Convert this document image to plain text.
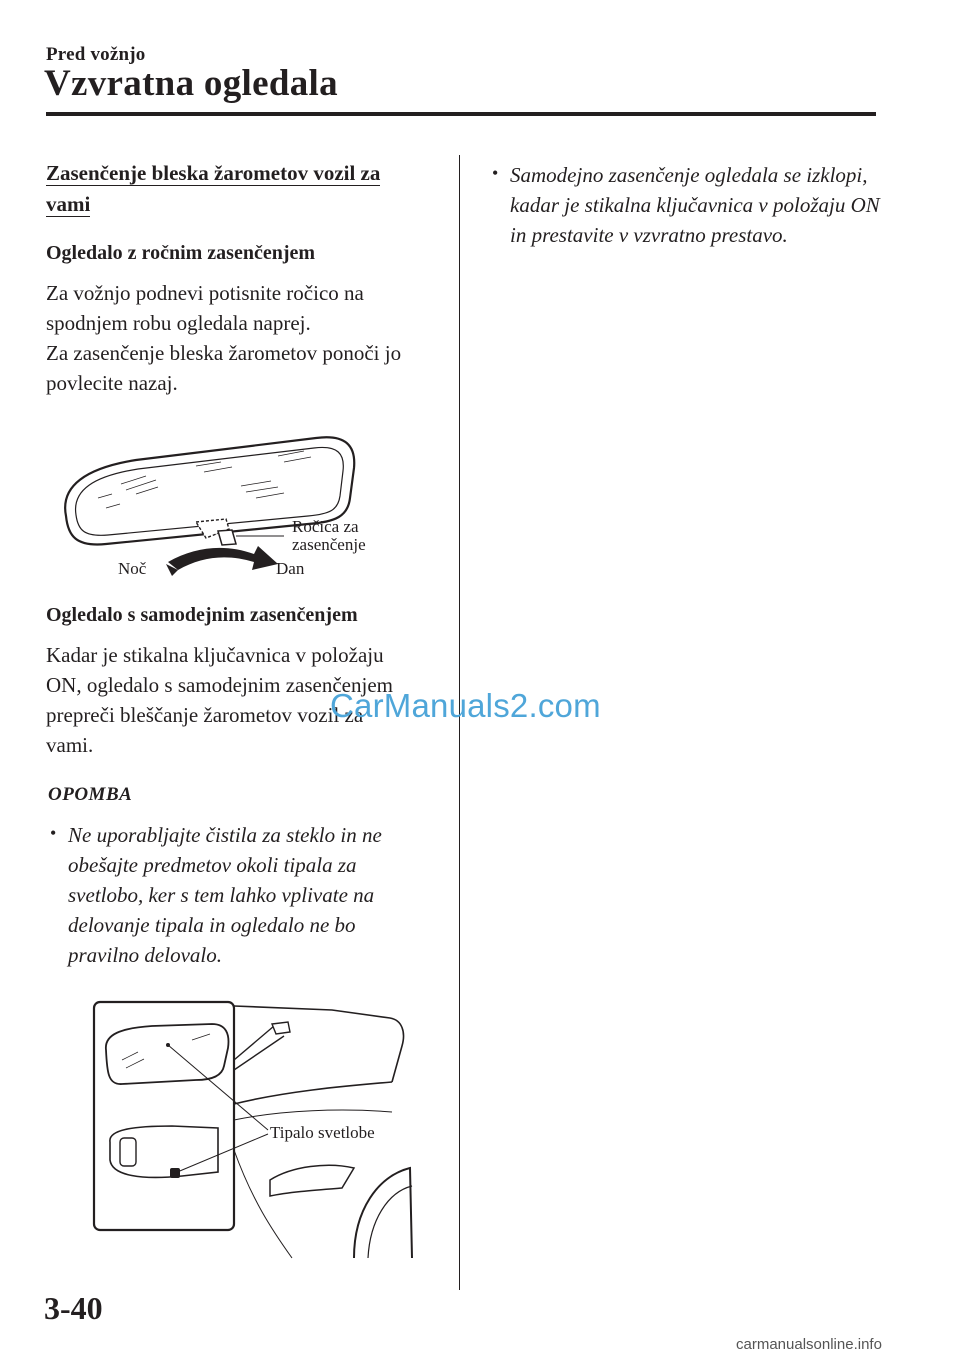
Pred vožnjo
Vzvratna ogledala
Zasenčenje bleska žarometov vozil za vami
Ogledalo z ročnim zasenčenjem
Za vožnjo podnevi potisnite ročico na
spodnjem robu ogledala naprej.
Za zasenčenje bleska žarometov ponoči jo
povlecite nazaj.
Ročica za
zasenčenje
Noč	Dan
Ogledalo s samodejnim zasenčenjem
Kadar je stikalna ključavnica v položaju
ON, ogledalo s samodejnim zasenčenjem
prepreči bleščanje žarometov vozil za
vami.
OPOMBA
• Ne uporabljajte čistila za steklo in ne obešajte predmetov okoli tipala za svetlobo, ker s tem lahko vplivate na delovanje tipala in ogledalo ne bo pravilno delovalo.
Tipalo svetlobe
• Samodejno zasenčenje ogledala se izklopi, kadar je stikalna ključavnica v položaju ON in prestavite v vzvratno prestavo.
CarManuals2.com
3-40
carmanualsonline.info
